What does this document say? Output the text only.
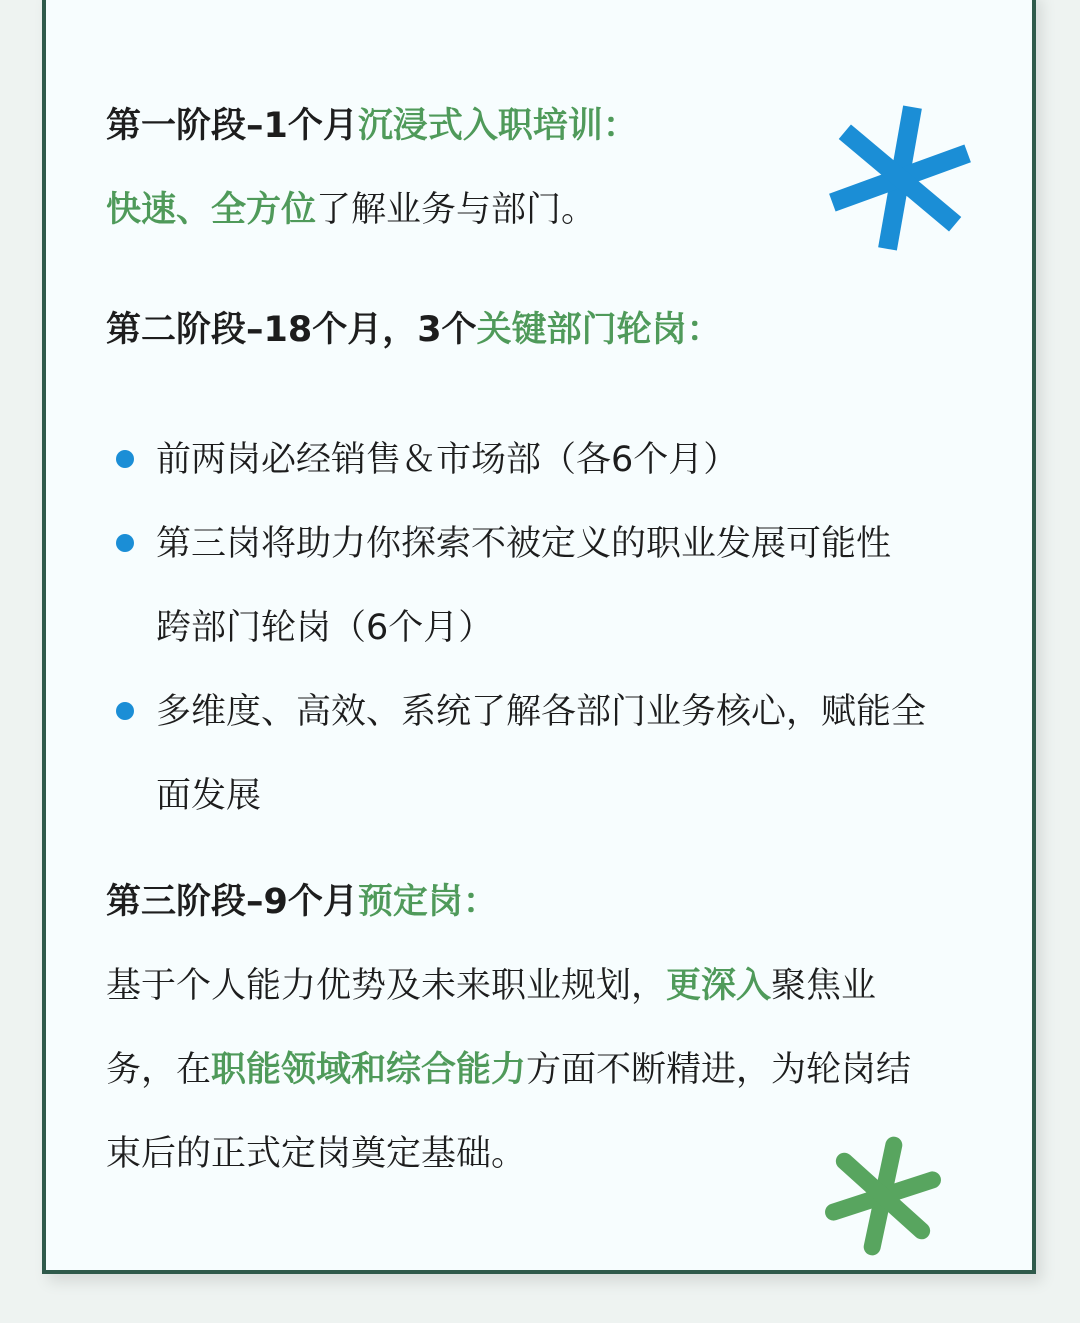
第一阶段–1个月沉浸式入职培训：
快速、全方位了解业务与部门。
第二阶段–18个月，3个关键部门轮岗：
前两岗必经销售＆市场部（各6个月）
第三岗将助力你探索不被定义的职业发展可能性
跨部门轮岗（6个月）
多维度、高效、系统了解各部门业务核心，赋能全
面发展
第三阶段–9个月预定岗：
基于个人能力优势及未来职业规划，更深入聚焦业
务，在职能领域和综合能力方面不断精进，为轮岗结
束后的正式定岗奠定基础。
